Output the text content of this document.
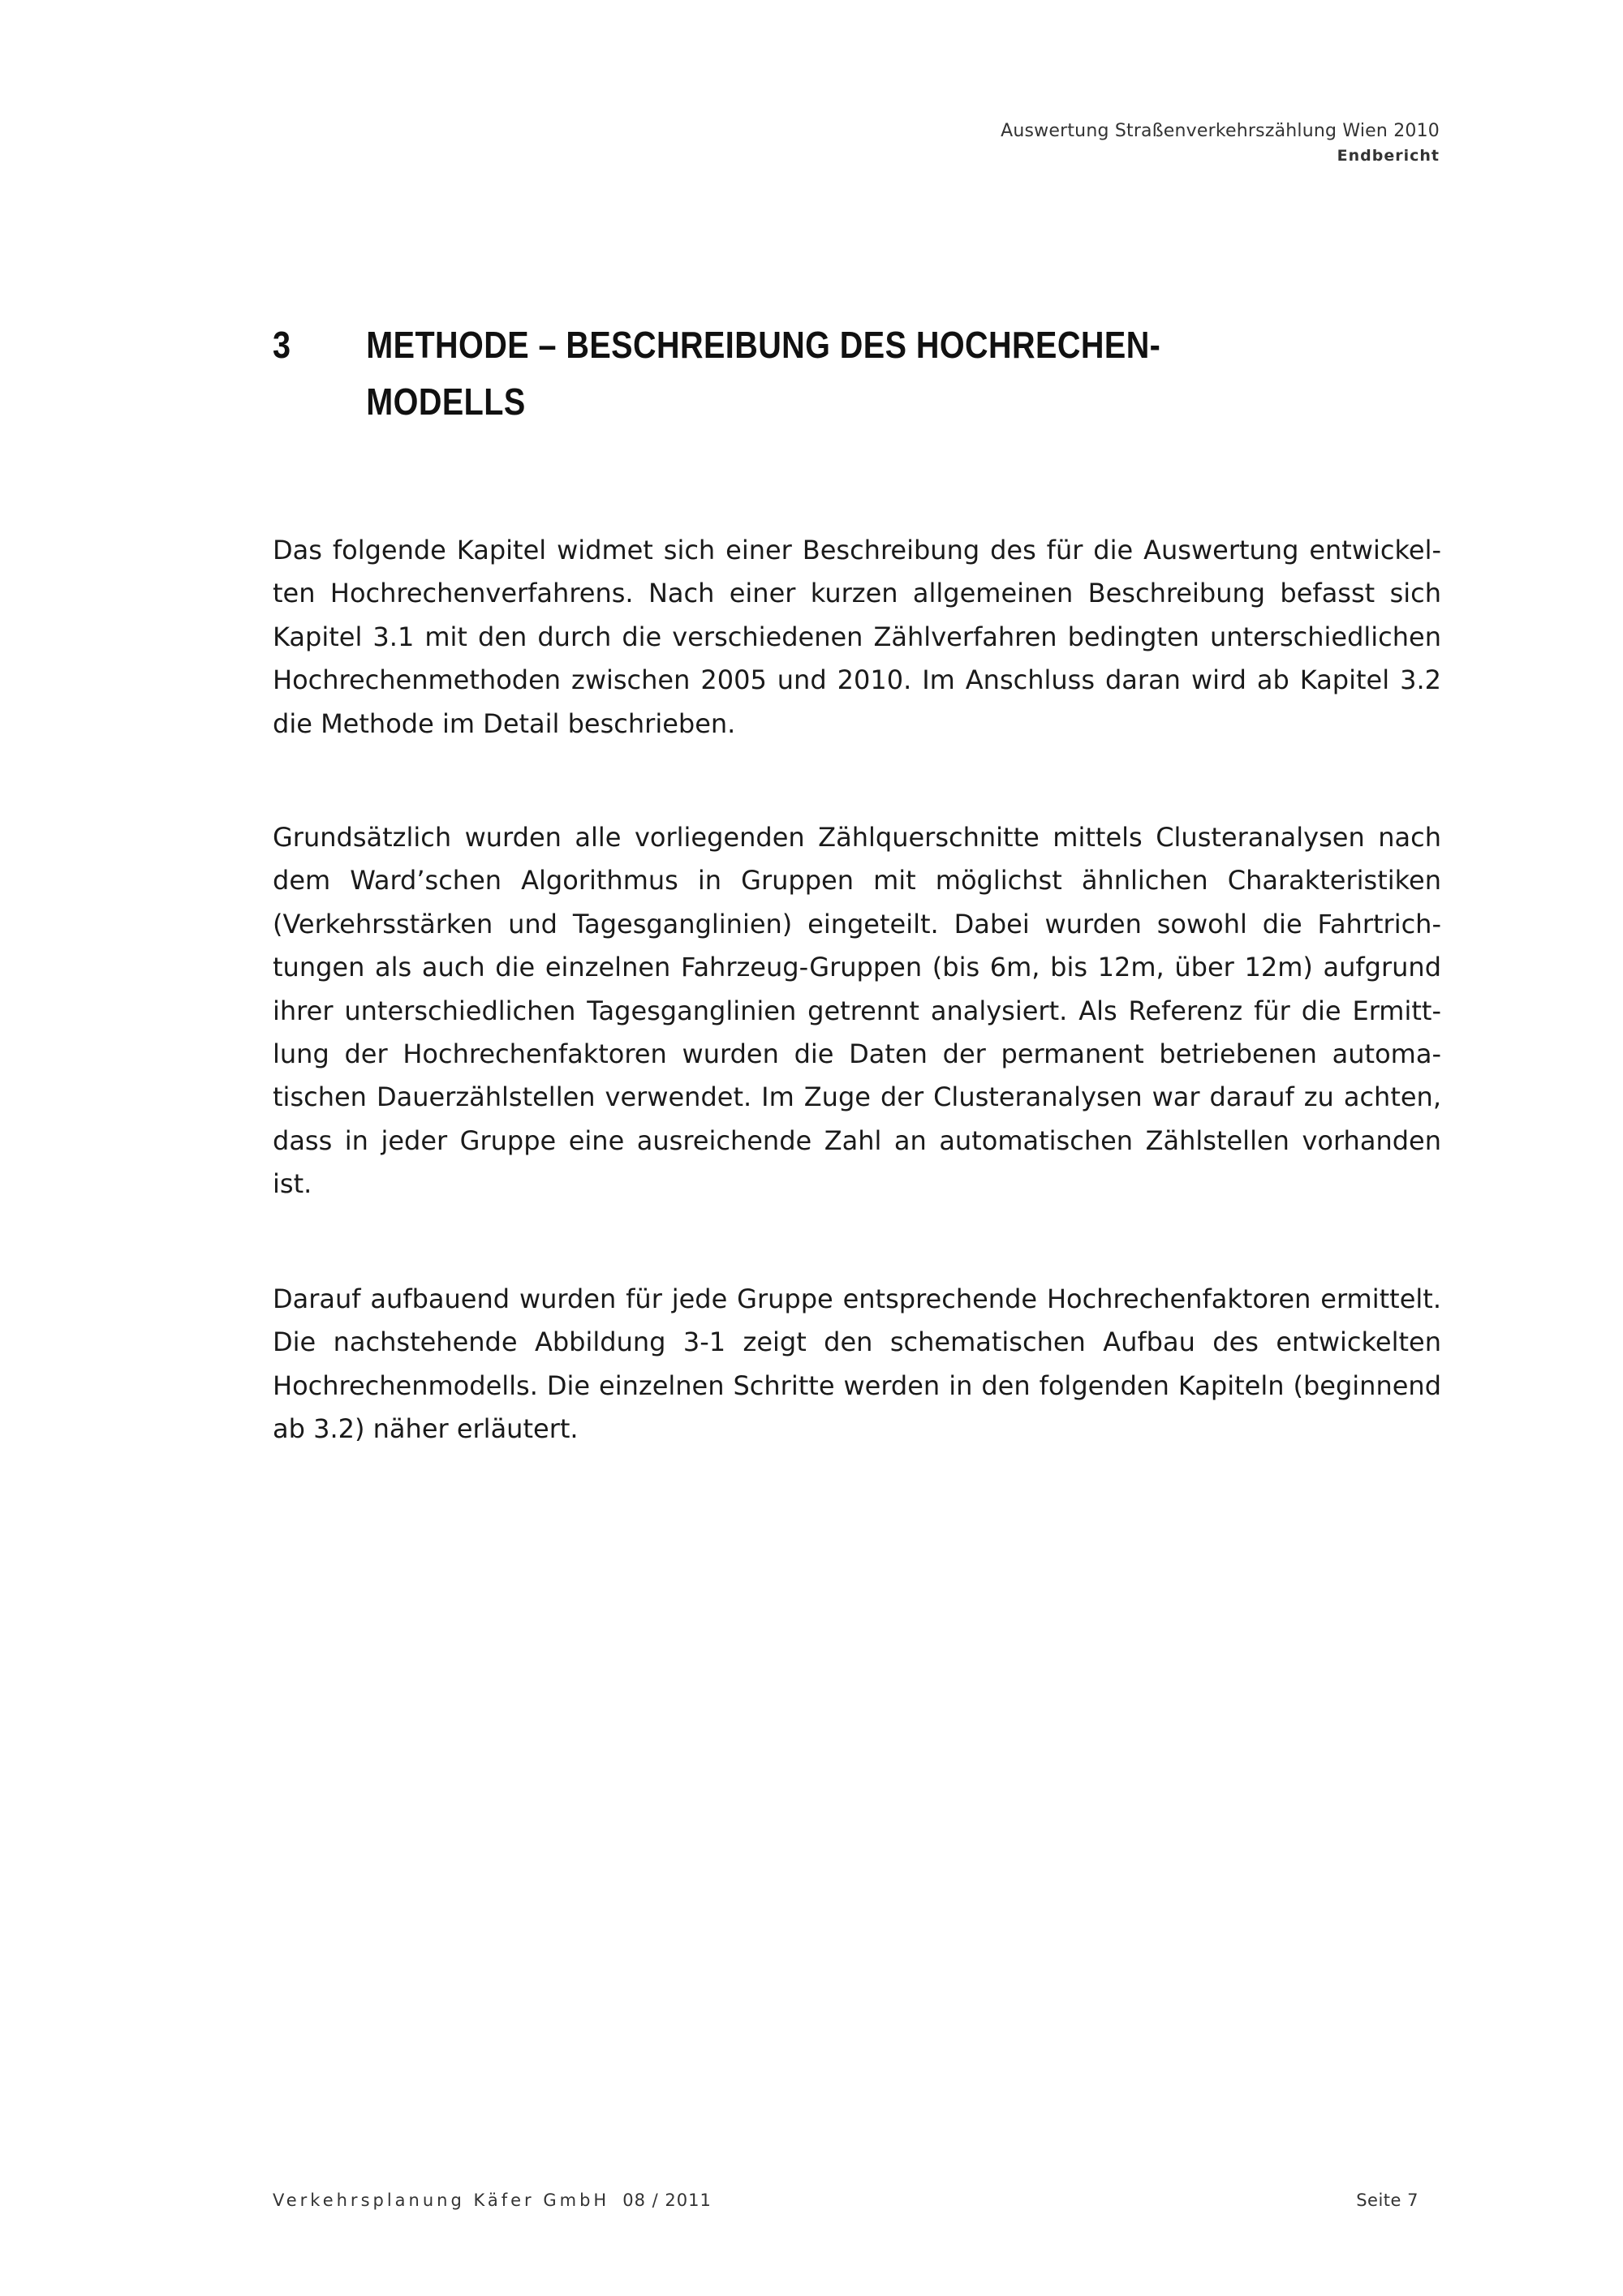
Auswertung Straßenverkehrszählung Wien 2010
Endbericht
3	METHODE – BESCHREIBUNG DES HOCHRECHEN-
MODELLS

Das folgende Kapitel widmet sich einer Beschreibung des für die Auswertung entwickelten Hochrechenverfahrens. Nach einer kurzen allgemeinen Beschreibung befasst sich Kapitel 3.1 mit den durch die verschiedenen Zählverfahren bedingten unterschiedlichen Hochrechenmethoden zwischen 2005 und 2010. Im Anschluss daran wird ab Kapitel 3.2 die Methode im Detail beschrieben.

Grundsätzlich wurden alle vorliegenden Zählquerschnitte mittels Clusteranalysen nach dem Ward’schen Algorithmus in Gruppen mit möglichst ähnlichen Charakteristiken (Verkehrsstärken und Tagesganglinien) eingeteilt. Dabei wurden sowohl die Fahrtrichtungen als auch die einzelnen Fahrzeug-Gruppen (bis 6m, bis 12m, über 12m) aufgrund ihrer unterschiedlichen Tagesganglinien getrennt analysiert. Als Referenz für die Ermittlung der Hochrechenfaktoren wurden die Daten der permanent betriebenen automatischen Dauerzählstellen verwendet. Im Zuge der Clusteranalysen war darauf zu achten, dass in jeder Gruppe eine ausreichende Zahl an automatischen Zählstellen vorhanden ist.

Darauf aufbauend wurden für jede Gruppe entsprechende Hochrechenfaktoren ermittelt. Die nachstehende Abbildung 3-1 zeigt den schematischen Aufbau des entwickelten Hochrechenmodells. Die einzelnen Schritte werden in den folgenden Kapiteln (beginnend ab 3.2) näher erläutert.

Verkehrsplanung Käfer GmbH 08 / 2011	Seite 7
